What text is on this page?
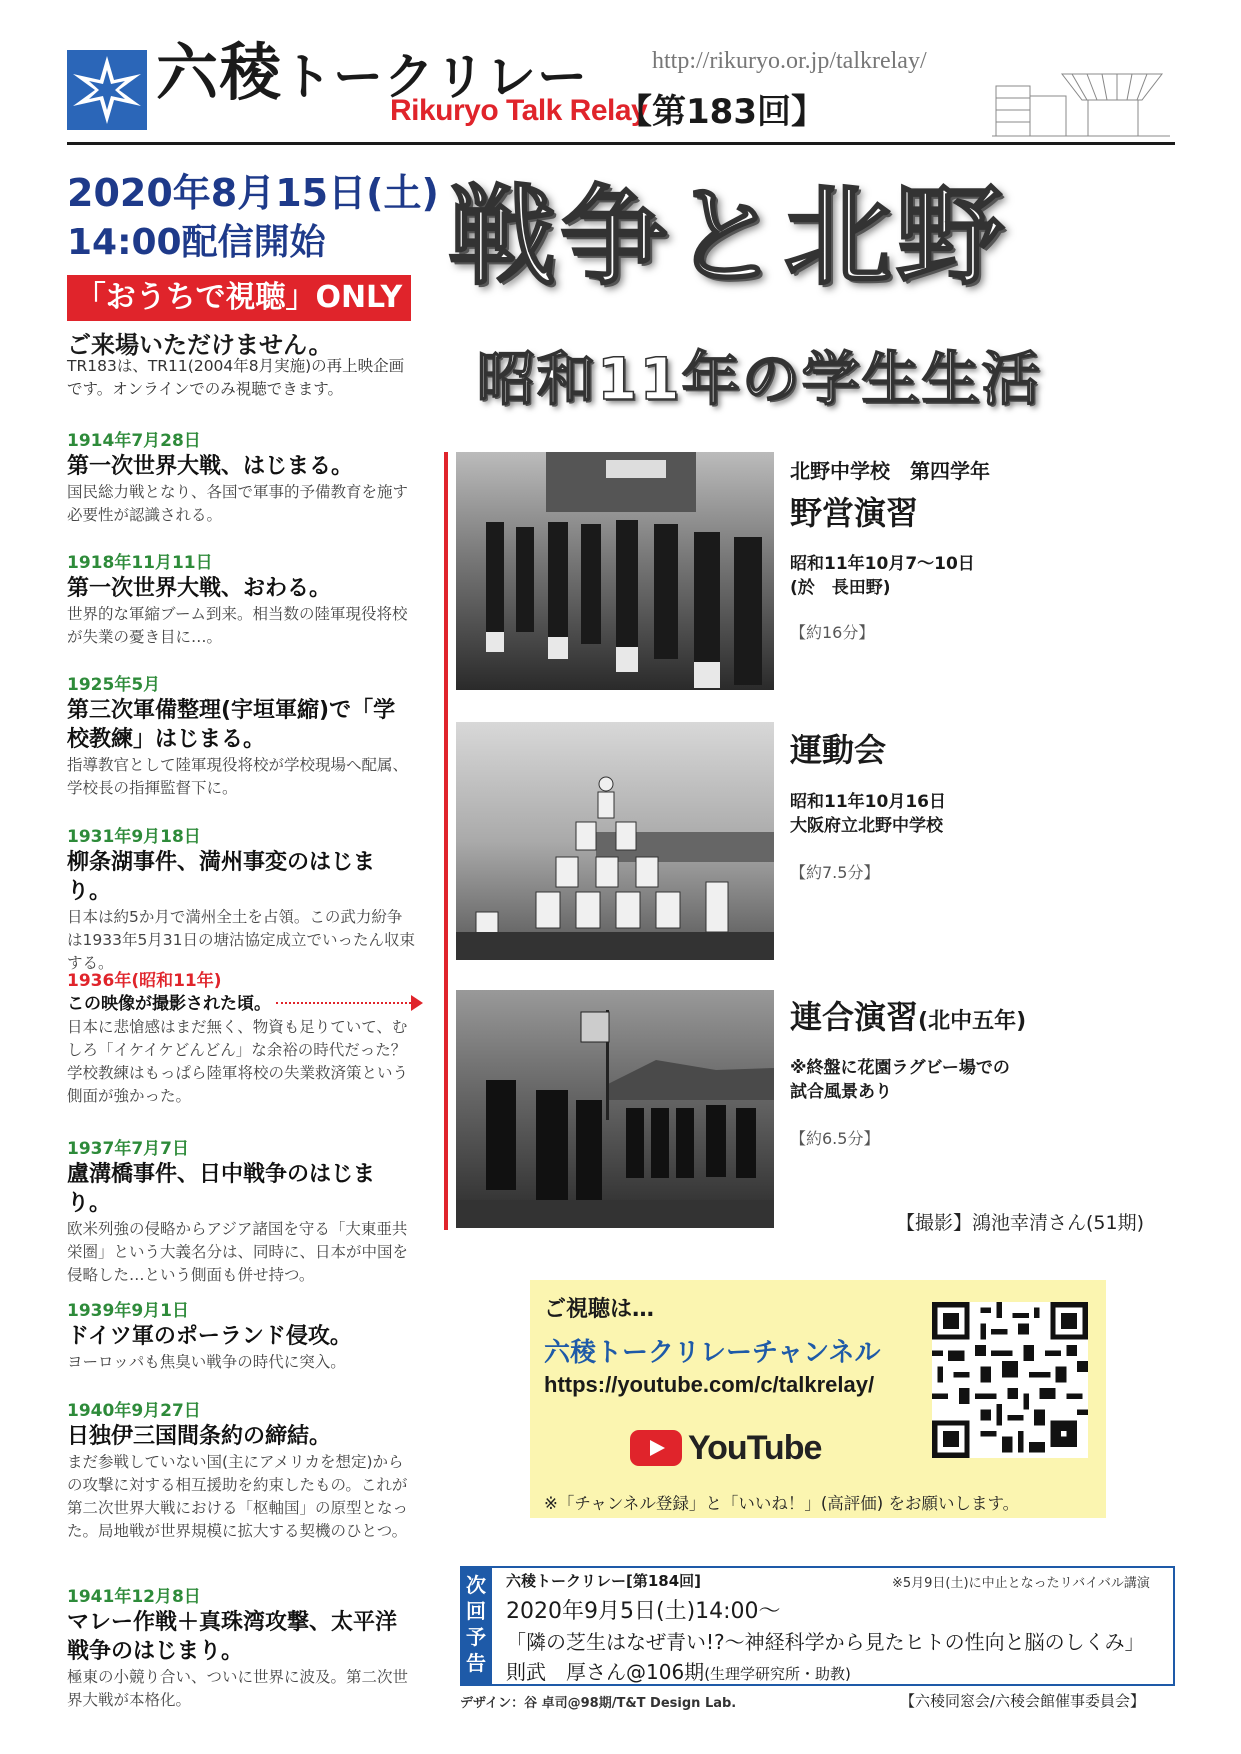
六稜トークリレー
Rikuryo Talk Relay
【第183回】
http://rikuryo.or.jp/talkrelay/
2020年8月15日(土)
14:00配信開始
「おうちで視聴」ONLY
ご来場いただけません。
TR183は、TR11(2004年8月実施)の再上映企画です。オンラインでのみ視聴できます。
1914年7月28日
第一次世界大戦、はじまる。
国民総力戦となり、各国で軍事的予備教育を施す必要性が認識される。
1918年11月11日
第一次世界大戦、おわる。
世界的な軍縮ブーム到来。相当数の陸軍現役将校が失業の憂き目に…。
1925年5月
第三次軍備整理(宇垣軍縮)で「学校教練」はじまる。
指導教官として陸軍現役将校が学校現場へ配属、学校長の指揮監督下に。
1931年9月18日
柳条湖事件、満州事変のはじまり。
日本は約5か月で満州全土を占領。この武力紛争は1933年5月31日の塘沽協定成立でいったん収束する。
1936年(昭和11年)
この映像が撮影された頃。
日本に悲愴感はまだ無く、物資も足りていて、むしろ「イケイケどんどん」な余裕の時代だった？ 学校教練はもっぱら陸軍将校の失業救済策という側面が強かった。
1937年7月7日
盧溝橋事件、日中戦争のはじまり。
欧米列強の侵略からアジア諸国を守る「大東亜共栄圏」という大義名分は、同時に、日本が中国を侵略した…という側面も併せ持つ。
1939年9月1日
ドイツ軍のポーランド侵攻。
ヨーロッパも焦臭い戦争の時代に突入。
1940年9月27日
日独伊三国間条約の締結。
まだ参戦していない国(主にアメリカを想定)からの攻撃に対する相互援助を約束したもの。これが第二次世界大戦における「枢軸国」の原型となった。局地戦が世界規模に拡大する契機のひとつ。
1941年12月8日
マレー作戦＋真珠湾攻撃、太平洋戦争のはじまり。
極東の小競り合い、ついに世界に波及。第二次世界大戦が本格化。
戦争と北野
昭和11年の学生生活
北野中学校　第四学年
野営演習
昭和11年10月7～10日
(於　長田野)
【約16分】
運動会
昭和11年10月16日
大阪府立北野中学校
【約7.5分】
連合演習(北中五年)
※終盤に花園ラグビー場での
試合風景あり
【約6.5分】
【撮影】鴻池幸清さん(51期)
ご視聴は…
六稜トークリレーチャンネル
https://youtube.com/c/talkrelay/
YouTube
※「チャンネル登録」と「いいね！」(高評価) をお願いします。
次回予告
六稜トークリレー[第184回]	※5月9日(土)に中止となったリバイバル講演
2020年9月5日(土)14:00～
「隣の芝生はなぜ青い!?～神経科学から見たヒトの性向と脳のしくみ」
則武　厚さん@106期(生理学研究所・助教)
デザイン：谷 卓司@98期/T&T Design Lab.	【六稜同窓会/六稜会館催事委員会】
